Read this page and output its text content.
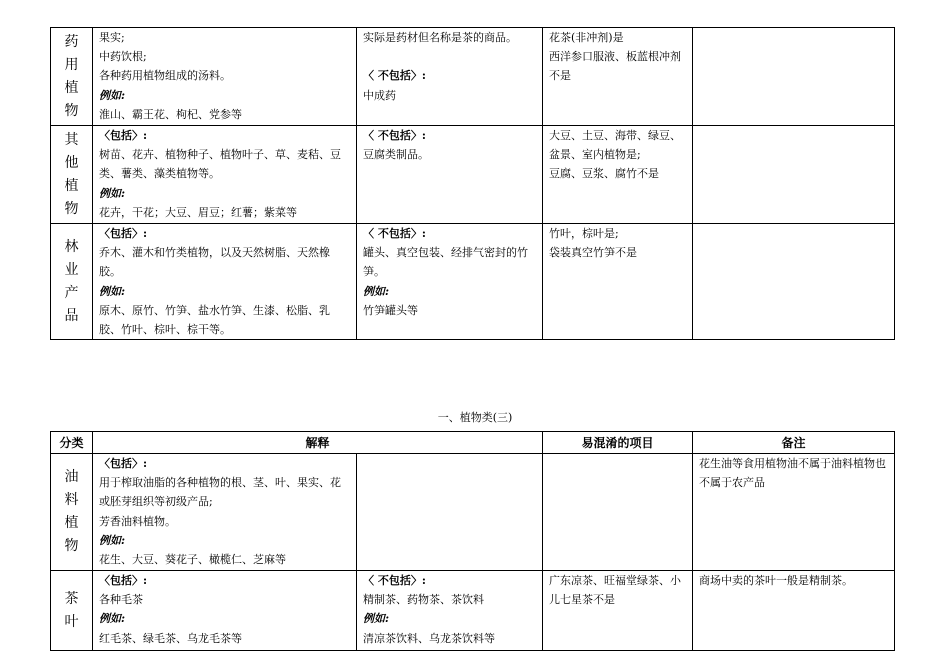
药
用
植
物	果实;
中药饮根;
各种药用植物组成的汤料。
例如:
淮山、霸王花、枸杞、党参等	实际是药材但名称是茶的商品。

〈 不包括〉:
中成药	花茶(非冲剂)是
西洋参口服液、板蓝根冲剂
不是	

其
他
植
物	〈包括〉:
树苗、花卉、植物种子、植物叶子、草、麦秸、豆类、薯类、藻类植物等。
例如:
花卉，干花；大豆、眉豆；红薯；紫菜等	〈 不包括〉:
豆腐类制品。	大豆、土豆、海带、绿豆、盆景、室内植物是;
豆腐、豆浆、腐竹不是	

林
业
产
品	〈包括〉:
乔木、灌木和竹类植物，以及天然树脂、天然橡胶。
例如:
原木、原竹、竹笋、盐水竹笋、生漆、松脂、乳胶、竹叶、棕叶、棕干等。	〈 不包括〉:
罐头、真空包装、经排气密封的竹笋。
例如:
竹笋罐头等	竹叶，棕叶是;
袋装真空竹笋不是	

一、植物类(三)
分类	解释		易混淆的项目	备注

油
料
植
物	〈包括〉:
用于榨取油脂的各种植物的根、茎、叶、果实、花或胚芽组织等初级产品;
芳香油料植物。
例如:
花生、大豆、葵花子、橄榄仁、芝麻等			花生油等食用植物油不属于油料植物也不属于农产品

茶
叶	〈包括〉:
各种毛茶
例如:
红毛茶、绿毛茶、乌龙毛茶等	〈 不包括〉:
精制茶、药物茶、茶饮料
例如:
清凉茶饮料、乌龙茶饮料等	广东凉茶、旺福堂绿茶、小儿七星茶不是	商场中卖的茶叶一般是精制茶。
